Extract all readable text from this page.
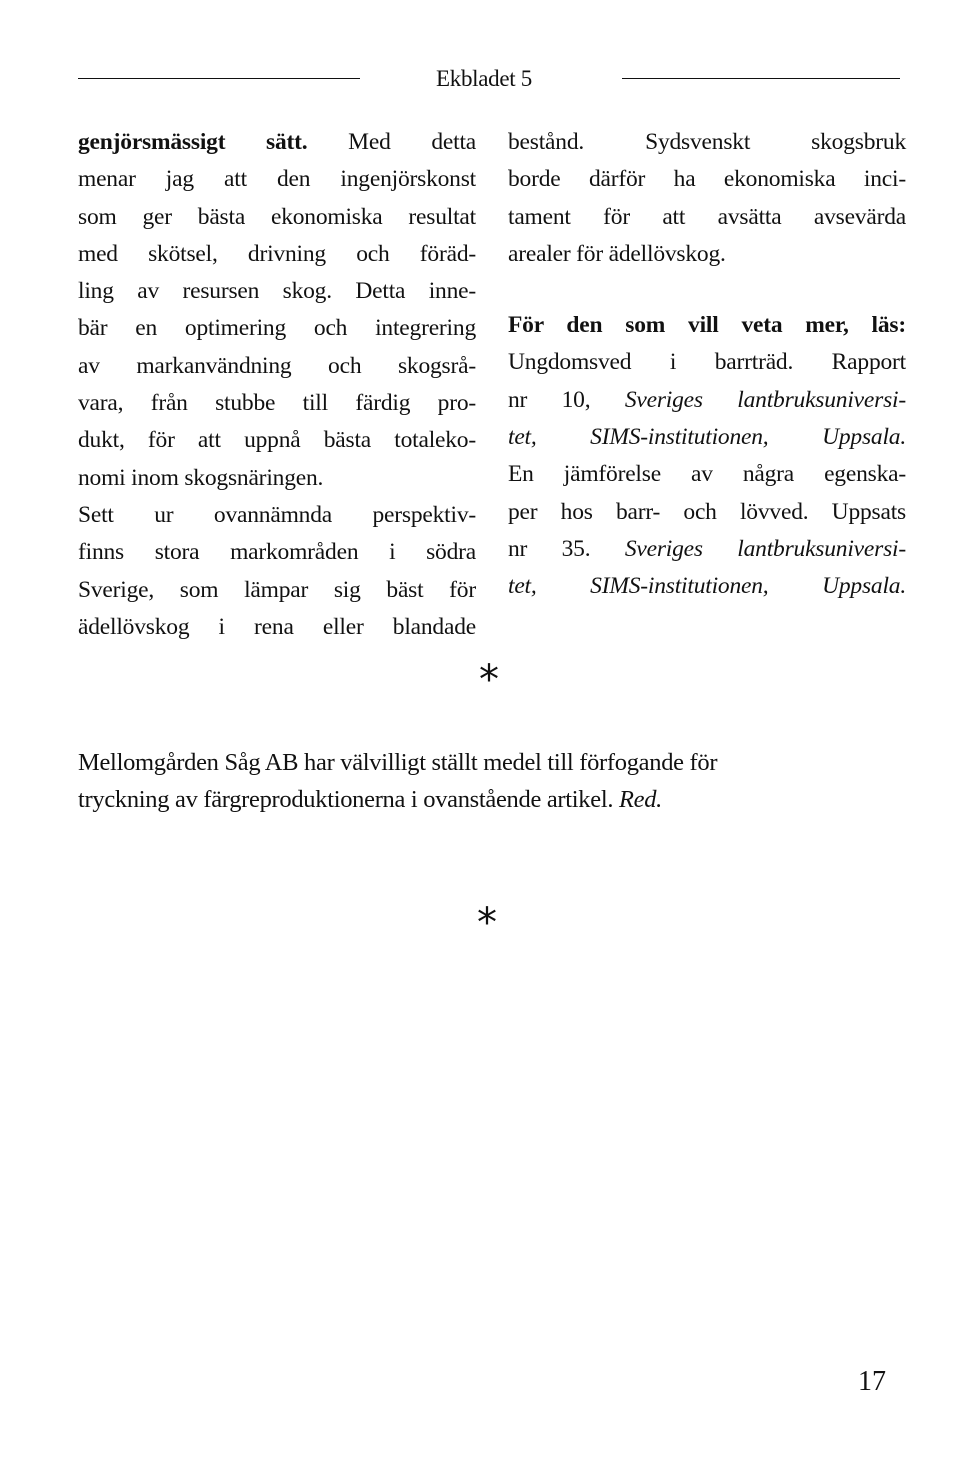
Ekbladet 5
genjörsmässigt sätt. Med detta
menar jag att den ingenjörskonst
som ger bästa ekonomiska resultat
med skötsel, drivning och föräd-
ling av resursen skog. Detta inne-
bär en optimering och integrering
av markanvändning och skogsrå-
vara, från stubbe till färdig pro-
dukt, för att uppnå bästa totaleko-
nomi inom skogsnäringen.
Sett ur ovannämnda perspektiv-
finns stora markområden i södra
Sverige, som lämpar sig bäst för
ädellövskog i rena eller blandade
bestånd. Sydsvenskt skogsbruk
borde därför ha ekonomiska inci-
tament för att avsätta avsevärda
arealer för ädellövskog.
För den som vill veta mer, läs:
Ungdomsved i barrträd. Rapport
nr 10, Sveriges lantbruksuniversi-
tet, SIMS-institutionen, Uppsala.
En jämförelse av några egenska-
per hos barr- och lövved. Uppsats
nr 35. Sveriges lantbruksuniversi-
tet, SIMS-institutionen, Uppsala.
*
Mellomgården Såg AB har välvilligt ställt medel till förfogande för
tryckning av färgreproduktionerna i ovanstående artikel. Red.
*
17
